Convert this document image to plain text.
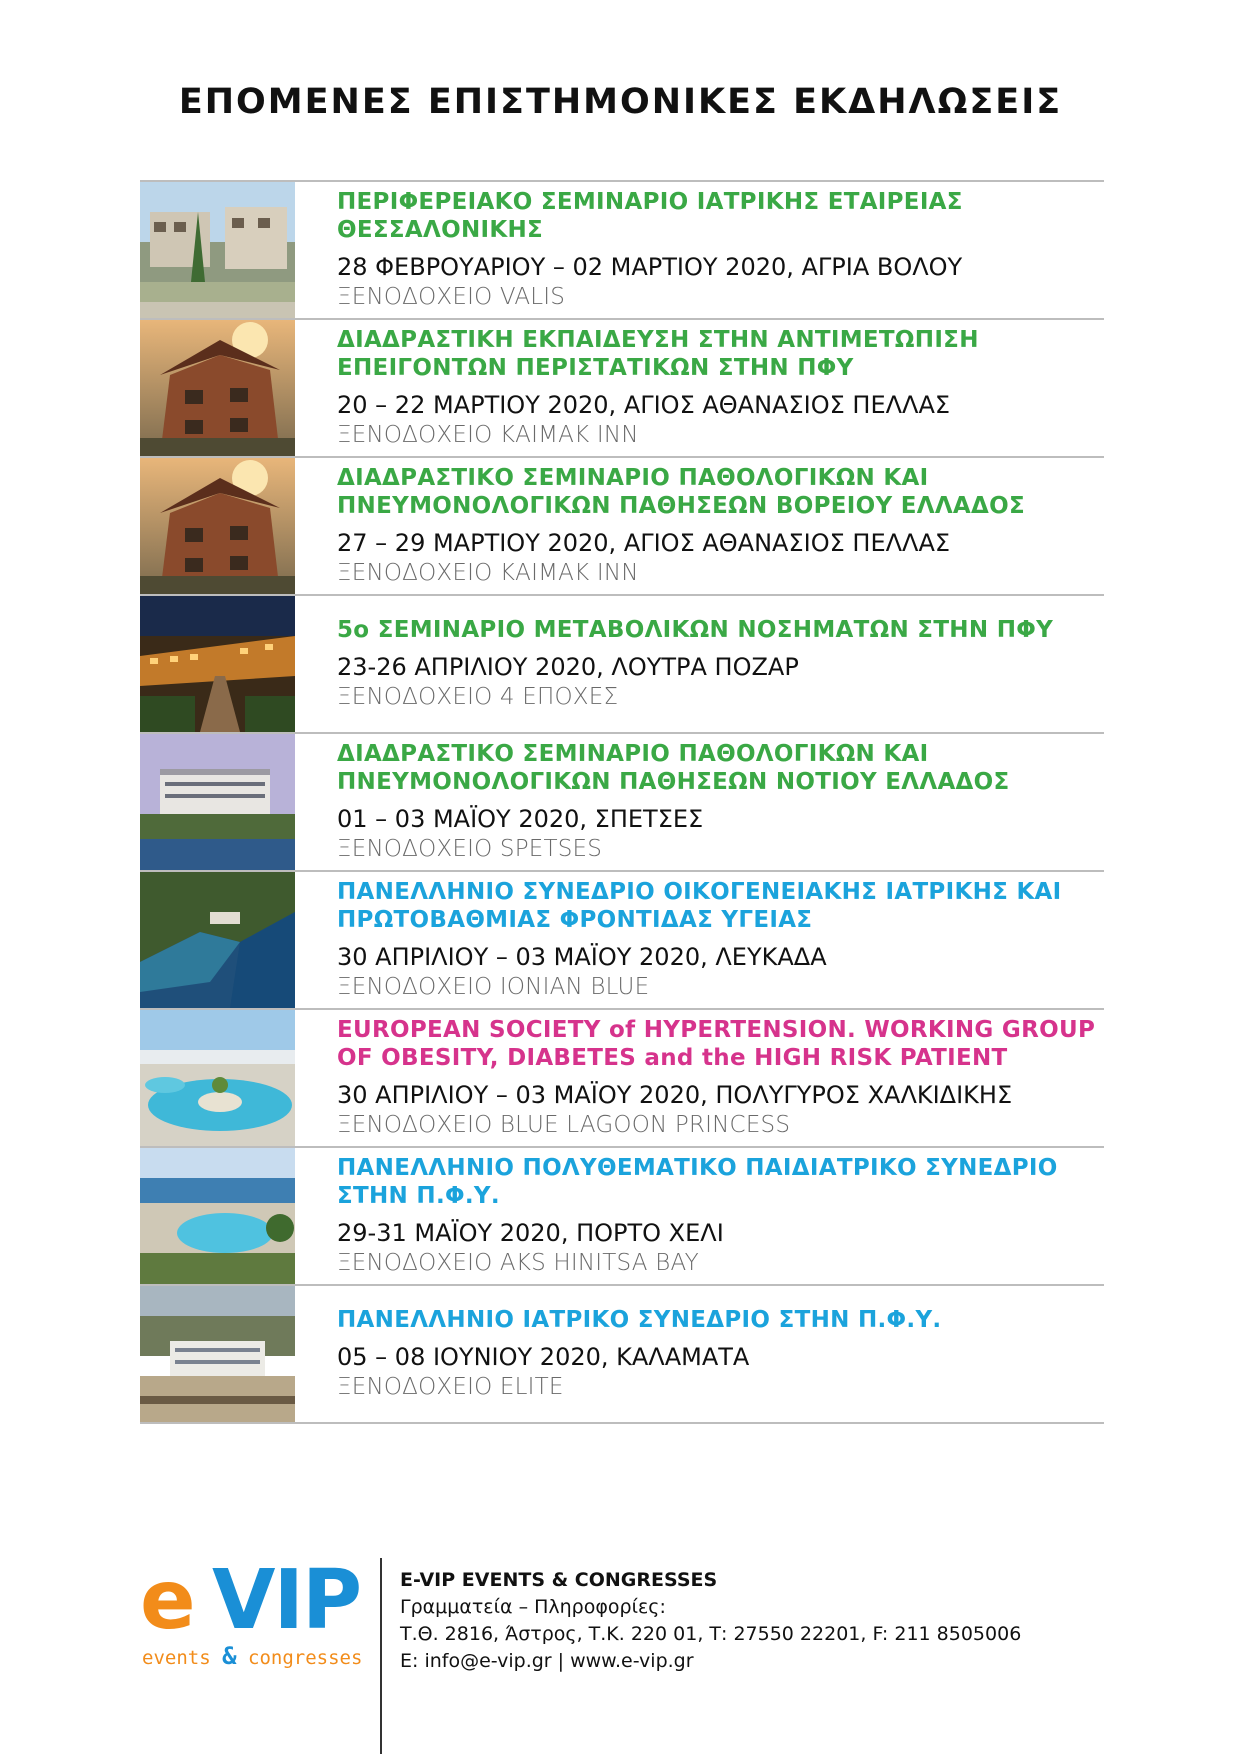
ΕΠΟΜΕΝΕΣ ΕΠΙΣΤΗΜΟΝΙΚΕΣ ΕΚΔΗΛΩΣΕΙΣ
ΠΕΡΙΦΕΡΕΙΑΚΟ ΣΕΜΙΝΑΡΙΟ ΙΑΤΡΙΚΗΣ ΕΤΑΙΡΕΙΑΣ
ΘΕΣΣΑΛΟΝΙΚΗΣ
28 ΦΕΒΡΟΥΑΡΙΟΥ – 02 ΜΑΡΤΙΟΥ 2020, ΑΓΡΙΑ ΒΟΛΟΥ
ΞΕΝΟΔΟΧΕΙΟ VALIS
ΔΙΑΔΡΑΣΤΙΚΗ ΕΚΠΑΙΔΕΥΣΗ ΣΤΗΝ ΑΝΤΙΜΕΤΩΠΙΣΗ
ΕΠΕΙΓΟΝΤΩΝ ΠΕΡΙΣΤΑΤΙΚΩΝ ΣΤΗΝ ΠΦΥ
20 – 22 ΜΑΡΤΙΟΥ 2020, ΑΓΙΟΣ ΑΘΑΝΑΣΙΟΣ ΠΕΛΛΑΣ
ΞΕΝΟΔΟΧΕΙΟ ΚΑΙΜΑΚ INN
ΔΙΑΔΡΑΣΤΙΚΟ ΣΕΜΙΝΑΡΙΟ ΠΑΘΟΛΟΓΙΚΩΝ ΚΑΙ
ΠΝΕΥΜΟΝΟΛΟΓΙΚΩΝ ΠΑΘΗΣΕΩΝ ΒΟΡΕΙΟΥ ΕΛΛΑΔΟΣ
27 – 29 ΜΑΡΤΙΟΥ 2020, ΑΓΙΟΣ ΑΘΑΝΑΣΙΟΣ ΠΕΛΛΑΣ
ΞΕΝΟΔΟΧΕΙΟ ΚΑΙΜΑΚ INN
5ο ΣΕΜΙΝΑΡΙΟ ΜΕΤΑΒΟΛΙΚΩΝ ΝΟΣΗΜΑΤΩΝ ΣΤΗΝ ΠΦΥ
23-26 ΑΠΡΙΛΙΟΥ 2020, ΛΟΥΤΡΑ ΠΟΖΑΡ
ΞΕΝΟΔΟΧΕΙΟ 4 ΕΠΟΧΕΣ
ΔΙΑΔΡΑΣΤΙΚΟ ΣΕΜΙΝΑΡΙΟ ΠΑΘΟΛΟΓΙΚΩΝ ΚΑΙ
ΠΝΕΥΜΟΝΟΛΟΓΙΚΩΝ ΠΑΘΗΣΕΩΝ ΝΟΤΙΟΥ ΕΛΛΑΔΟΣ
01 – 03 ΜΑΪΟΥ 2020, ΣΠΕΤΣΕΣ
ΞΕΝΟΔΟΧΕΙΟ SPETSES
ΠΑΝΕΛΛΗΝΙΟ ΣΥΝΕΔΡΙΟ ΟΙΚΟΓΕΝΕΙΑΚΗΣ ΙΑΤΡΙΚΗΣ ΚΑΙ
ΠΡΩΤΟΒΑΘΜΙΑΣ ΦΡΟΝΤΙΔΑΣ ΥΓΕΙΑΣ
30 ΑΠΡΙΛΙΟΥ – 03 ΜΑΪΟΥ 2020, ΛΕΥΚΑΔΑ
ΞΕΝΟΔΟΧΕΙΟ IONIAN BLUE
EUROPEAN SOCIETY of HYPERTENSION. WORKING GROUP
OF OBESITY, DIABETES and the HIGH RISK PATIENT
30 ΑΠΡΙΛΙΟΥ – 03 ΜΑΪΟΥ 2020, ΠΟΛΥΓΥΡΟΣ ΧΑΛΚΙΔΙΚΗΣ
ΞΕΝΟΔΟΧΕΙΟ BLUE LAGOON PRINCESS
ΠΑΝΕΛΛΗΝΙΟ ΠΟΛΥΘΕΜΑΤΙΚΟ ΠΑΙΔΙΑΤΡΙΚΟ ΣΥΝΕΔΡΙΟ
ΣΤΗΝ Π.Φ.Υ.
29-31 ΜΑΪΟΥ 2020, ΠΟΡΤΟ ΧΕΛΙ
ΞΕΝΟΔΟΧΕΙΟ AKS HINITSA BAY
ΠΑΝΕΛΛΗΝΙΟ ΙΑΤΡΙΚΟ ΣΥΝΕΔΡΙΟ ΣΤΗΝ Π.Φ.Υ.
05 – 08 ΙΟΥΝΙΟΥ 2020, ΚΑΛΑΜΑΤΑ
ΞΕΝΟΔΟΧΕΙΟ ELITE
e VIP
events & congresses
E-VIP EVENTS & CONGRESSES
Γραμματεία – Πληροφορίες:
Τ.Θ. 2816, Άστρος, Τ.Κ. 220 01, Τ: 27550 22201, F: 211 8505006
E: info@e-vip.gr | www.e-vip.gr
